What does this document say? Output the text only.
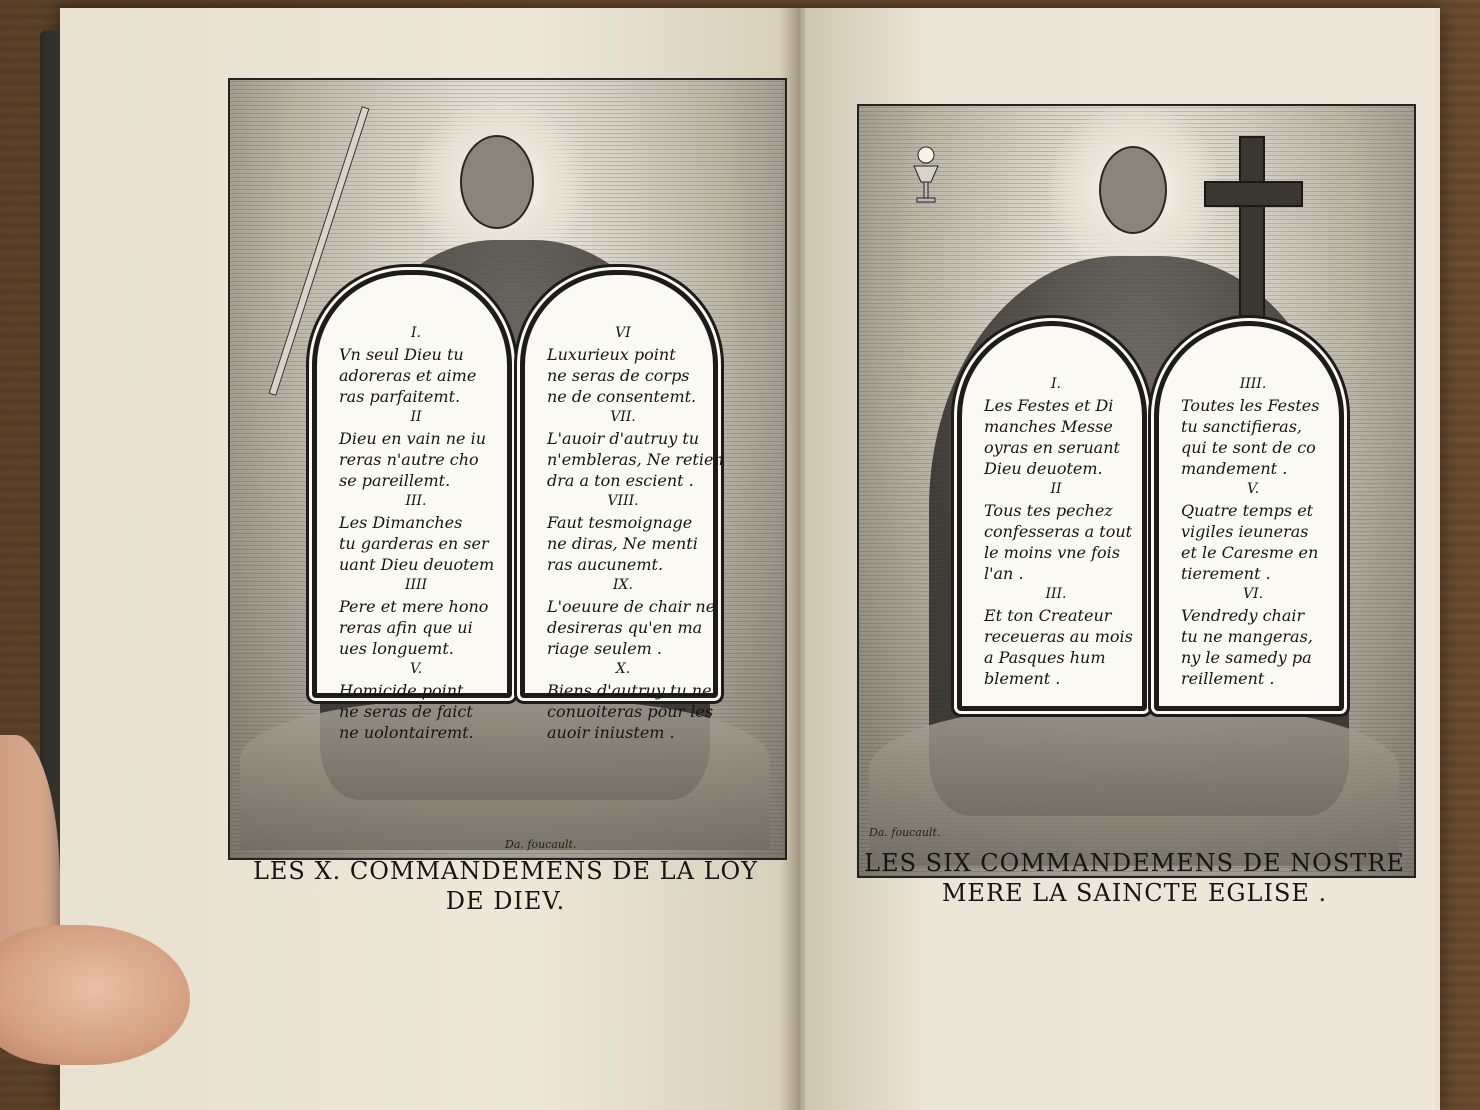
I.
Vn seul Dieu tu
adoreras et aime
ras parfaitemt.
II
Dieu en vain ne iu
reras n'autre cho
se pareillemt.
III.
Les Dimanches
tu garderas en ser
uant Dieu deuotem
IIII
Pere et mere hono
reras afin que ui
ues longuemt.
V.
Homicide point
ne seras de faict
ne uolontairemt.
VI
Luxurieux point
ne seras de corps
ne de consentemt.
VII.
L'auoir d'autruy tu
n'embleras, Ne retien
dra a ton escient .
VIII.
Faut tesmoignage
ne diras, Ne menti
ras aucunemt.
IX.
L'oeuure de chair ne
desireras qu'en ma
riage seulem .
X.
Biens d'autruy tu ne
conuoiteras pour les
auoir iniustem .
Da. foucault.
LES X. COMMANDEMENS DE LA LOY
DE DIEV.
I.
Les Festes et Di
manches Messe
oyras en seruant
Dieu deuotem.
II
Tous tes pechez
confesseras a tout
le moins vne fois
l'an .
III.
Et ton Createur
receueras au mois
a Pasques hum
blement .
IIII.
Toutes les Festes
tu sanctifieras,
qui te sont de co
mandement .
V.
Quatre temps et
vigiles ieuneras
et le Caresme en
tierement .
VI.
Vendredy chair
tu ne mangeras,
ny le samedy pa
reillement .
Da. foucault.
LES SIX COMMANDEMENS DE NOSTRE
MERE LA SAINCTE EGLISE .
